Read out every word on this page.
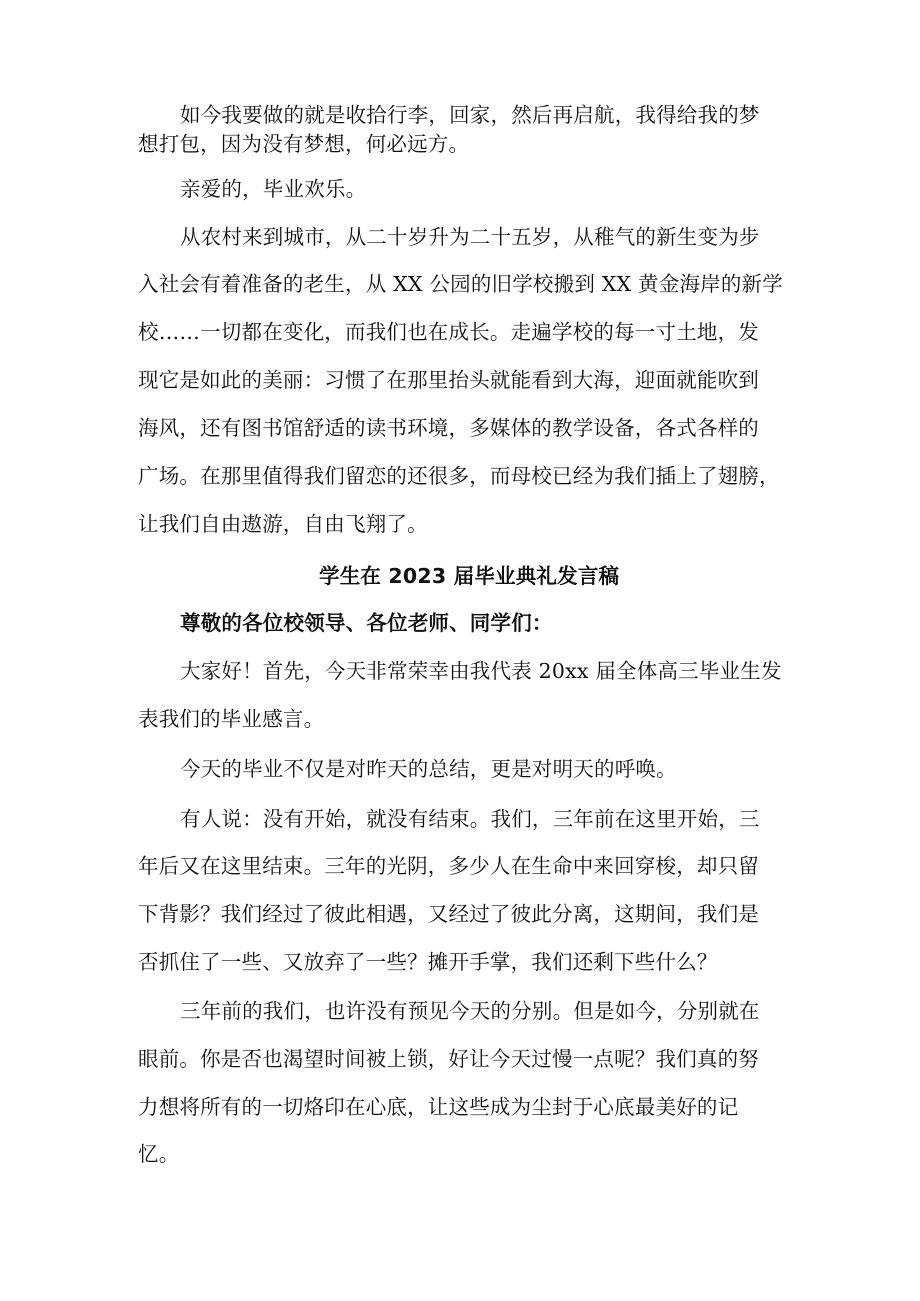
如今我要做的就是收拾行李，回家，然后再启航，我得给我的梦
想打包，因为没有梦想，何必远方。
亲爱的，毕业欢乐。
从农村来到城市，从二十岁升为二十五岁，从稚气的新生变为步
入社会有着准备的老生，从 XX 公园的旧学校搬到 XX 黄金海岸的新学
校……一切都在变化，而我们也在成长。走遍学校的每一寸土地，发
现它是如此的美丽：习惯了在那里抬头就能看到大海，迎面就能吹到
海风，还有图书馆舒适的读书环境，多媒体的教学设备，各式各样的
广场。在那里值得我们留恋的还很多，而母校已经为我们插上了翅膀，
让我们自由遨游，自由飞翔了。
学生在 2023 届毕业典礼发言稿
尊敬的各位校领导、各位老师、同学们：
大家好！首先，今天非常荣幸由我代表 20xx 届全体高三毕业生发
表我们的毕业感言。
今天的毕业不仅是对昨天的总结，更是对明天的呼唤。
有人说：没有开始，就没有结束。我们，三年前在这里开始，三
年后又在这里结束。三年的光阴，多少人在生命中来回穿梭，却只留
下背影？我们经过了彼此相遇，又经过了彼此分离，这期间，我们是
否抓住了一些、又放弃了一些？摊开手掌，我们还剩下些什么？
三年前的我们，也许没有预见今天的分别。但是如今，分别就在
眼前。你是否也渴望时间被上锁，好让今天过慢一点呢？我们真的努
力想将所有的一切烙印在心底，让这些成为尘封于心底最美好的记
忆。
